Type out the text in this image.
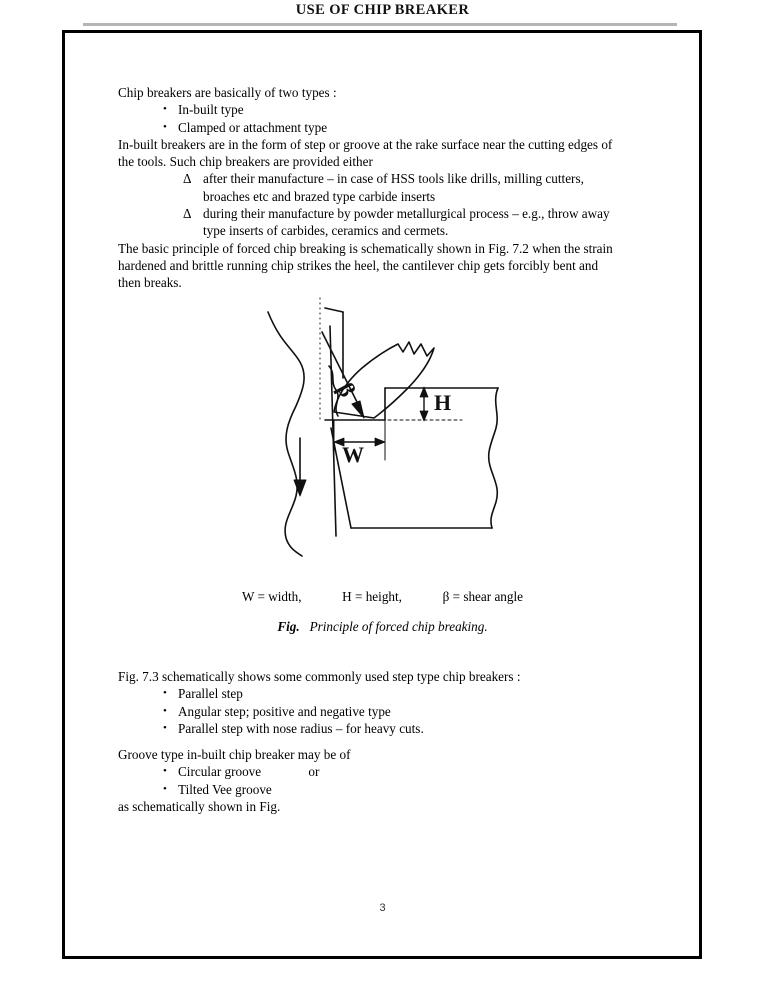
USE OF CHIP BREAKER

Chip breakers are basically of two types :

• In-built type
• Clamped or attachment type

In-built breakers are in the form of step or groove at the rake surface near the cutting edges of the tools. Such chip breakers are provided either

Δ after their manufacture – in case of HSS tools like drills, milling cutters, broaches etc and brazed type carbide inserts
Δ during their manufacture by powder metallurgical process – e.g., throw away type inserts of carbides, ceramics and cermets.

The basic principle of forced chip breaking is schematically shown in Fig. 7.2 when the strain hardened and brittle running chip strikes the heel, the cantilever chip gets forcibly bent and then breaks.

H
W
β
W = width,	H = height,	β = shear angle
Fig. Principle of forced chip breaking.

Fig. 7.3 schematically shows some commonly used step type chip breakers :

• Parallel step
• Angular step; positive and negative type
• Parallel step with nose radius – for heavy cuts.

Groove type in-built chip breaker may be of

• Circular groove	or
• Tilted Vee groove

as schematically shown in Fig.

3
